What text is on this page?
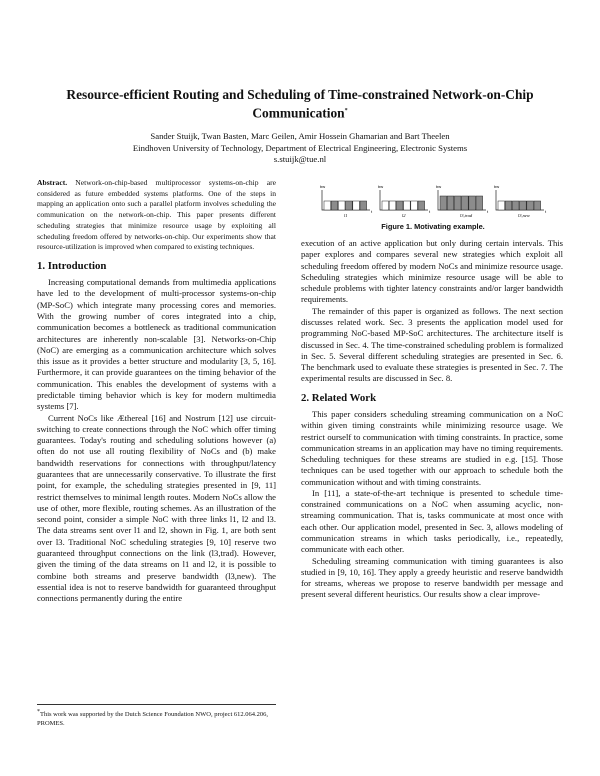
Resource-efficient Routing and Scheduling of Time-constrained Network-on-Chip Communication*
Sander Stuijk, Twan Basten, Marc Geilen, Amir Hossein Ghamarian and Bart Theelen
Eindhoven University of Technology, Department of Electrical Engineering, Electronic Systems
s.stuijk@tue.nl
bw
l1
t
bw
l2
t
bw
l3,trad
t
bw
l3,new
t
Figure 1. Motivating example.

Abstract. Network-on-chip-based multiprocessor systems-on-chip are considered as future embedded systems platforms. One of the steps in mapping an application onto such a parallel platform involves scheduling the communication on the network-on-chip. This paper presents different scheduling strategies that minimize resource usage by exploiting all scheduling freedom offered by networks-on-chip. Our experiments show that resource-utilization is improved when compared to existing techniques.

1. Introduction

Increasing computational demands from multimedia applications have led to the development of multi-processor systems-on-chip (MP-SoC) which integrate many processing cores and memories. With the growing number of cores integrated into a chip, communication becomes a bottleneck as traditional communication architectures are inherently non-scalable [3]. Networks-on-Chip (NoC) are emerging as a communication architecture which solves this issue as it provides a better structure and modularity [3, 5, 16]. Furthermore, it can provide guarantees on the timing behavior of the communication. This enables the development of systems with a predictable timing behavior which is key for modern multimedia systems [7].

Current NoCs like Æthereal [16] and Nostrum [12] use circuit-switching to create connections through the NoC which offer timing guarantees. Today's routing and scheduling solutions however (a) often do not use all routing flexibility of NoCs and (b) make bandwidth reservations for connections with throughput/latency guarantees that are unnecessarily conservative. To illustrate the first point, for example, the scheduling strategies presented in [9, 11] restrict themselves to minimal length routes. Modern NoCs allow the use of other, more flexible, routing schemes. As an illustration of the second point, consider a simple NoC with three links l1, l2 and l3. The data streams sent over l1 and l2, shown in Fig. 1, are both sent over l3. Traditional NoC scheduling strategies [9, 10] reserve two guaranteed throughput connections on the link (l3,trad). However, given the timing of the data streams on l1 and l2, it is possible to combine both streams and preserve bandwidth (l3,new). The essential idea is not to reserve bandwidth for guaranteed throughput connections permanently during the entire

execution of an active application but only during certain intervals. This paper explores and compares several new strategies which exploit all scheduling freedom offered by modern NoCs and minimize resource usage. Scheduling strategies which minimize resource usage will be able to schedule problems with tighter latency constraints and/or larger bandwidth requirements.

The remainder of this paper is organized as follows. The next section discusses related work. Sec. 3 presents the application model used for programming NoC-based MP-SoC architectures. The architecture itself is discussed in Sec. 4. The time-constrained scheduling problem is formalized in Sec. 5. Several different scheduling strategies are presented in Sec. 6. The benchmark used to evaluate these strategies is presented in Sec. 7. The experimental results are discussed in Sec. 8.

2. Related Work

This paper considers scheduling streaming communication on a NoC within given timing constraints while minimizing resource usage. We restrict ourself to communication with timing constraints. In practice, some communication streams in an application may have no timing requirements. Scheduling techniques for these streams are studied in e.g. [15]. Those techniques can be used together with our approach to schedule both the communication without and with timing constraints.

In [11], a state-of-the-art technique is presented to schedule time-constrained communications on a NoC when assuming acyclic, non-streaming communication. That is, tasks communicate at most once with each other. Our application model, presented in Sec. 3, allows modeling of communication streams in which tasks periodically, i.e., repeatedly, communicate with each other.

Scheduling streaming communication with timing guarantees is also studied in [9, 10, 16]. They apply a greedy heuristic and reserve bandwidth for streams, whereas we propose to reserve bandwidth per message and present several different heuristics. Our results show a clear improve-

*This work was supported by the Dutch Science Foundation NWO, project 612.064.206, PROMES.
